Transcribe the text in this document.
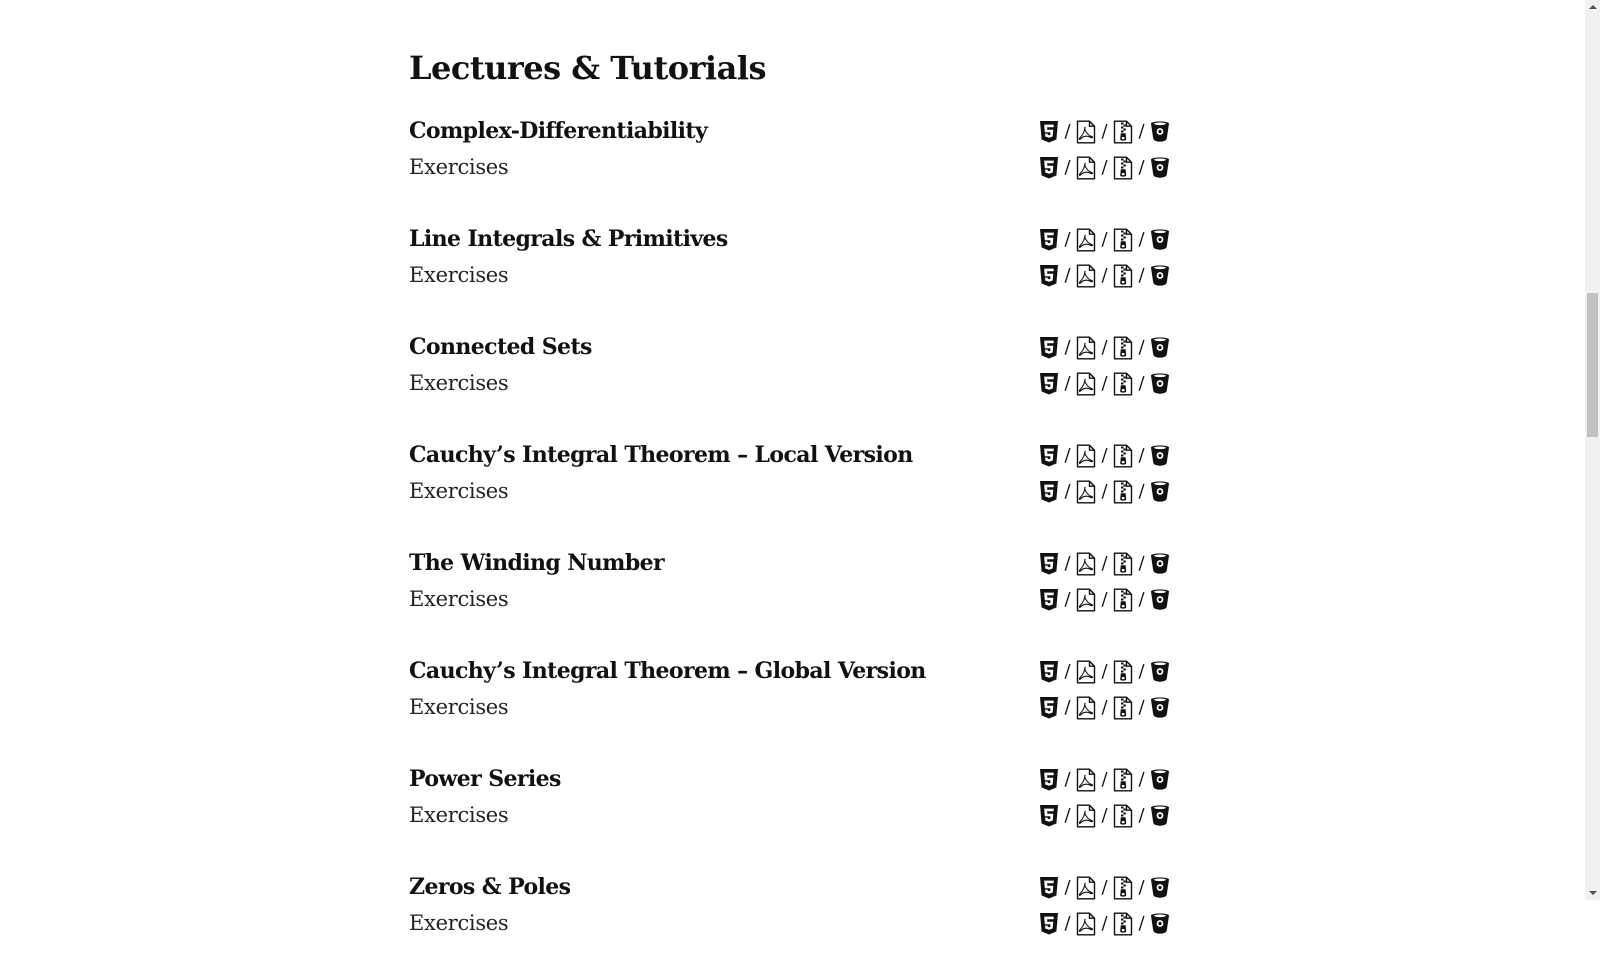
Lectures & Tutorials
Complex-Differentiability	/ / /
Exercises	/ / /
Line Integrals & Primitives	/ / /
Exercises	/ / /
Connected Sets	/ / /
Exercises	/ / /
Cauchy’s Integral Theorem – Local Version	/ / /
Exercises	/ / /
The Winding Number	/ / /
Exercises	/ / /
Cauchy’s Integral Theorem – Global Version	/ / /
Exercises	/ / /
Power Series	/ / /
Exercises	/ / /
Zeros & Poles	/ / /
Exercises	/ / /
